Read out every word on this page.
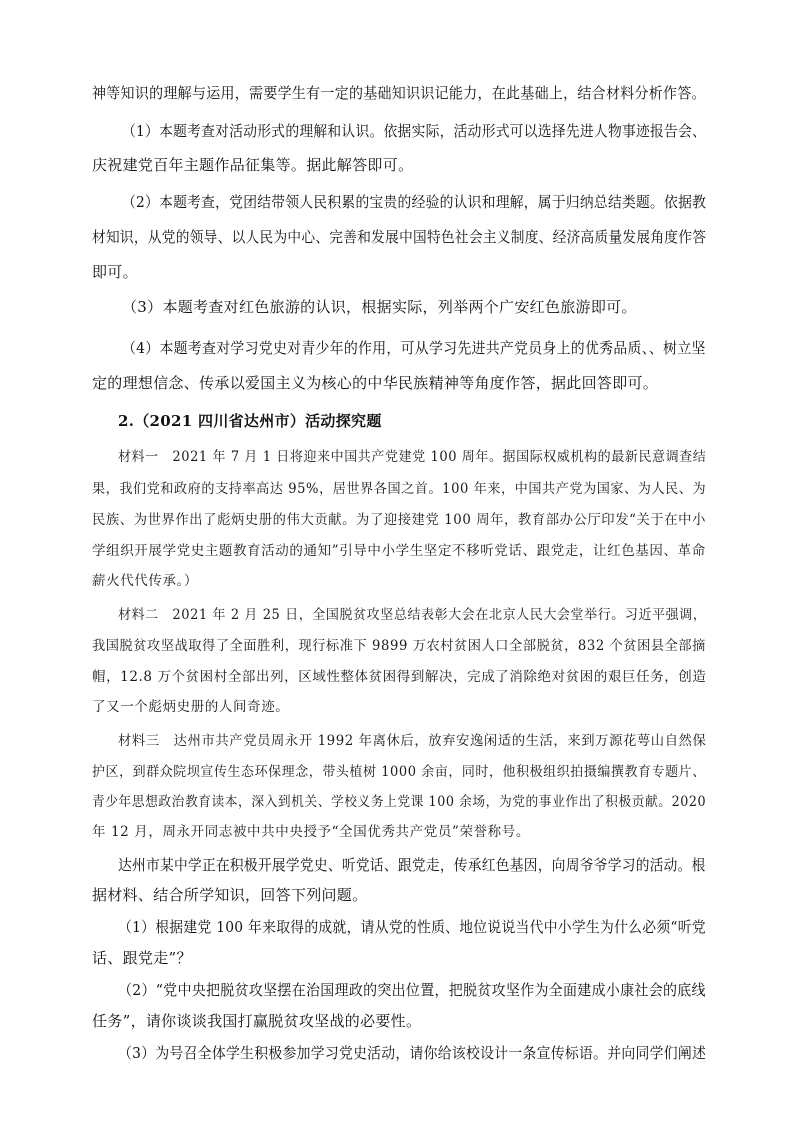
神等知识的理解与运用，需要学生有一定的基础知识识记能力，在此基础上，结合材料分析作答。
（1）本题考查对活动形式的理解和认识。依据实际，活动形式可以选择先进人物事迹报告会、
庆祝建党百年主题作品征集等。据此解答即可。
（2）本题考查，党团结带领人民积累的宝贵的经验的认识和理解，属于归纳总结类题。依据教
材知识，从党的领导、以人民为中心、完善和发展中国特色社会主义制度、经济高质量发展角度作答
即可。
（3）本题考查对红色旅游的认识，根据实际，列举两个广安红色旅游即可。
（4）本题考查对学习党史对青少年的作用，可从学习先进共产党员身上的优秀品质、、树立坚
定的理想信念、传承以爱国主义为核心的中华民族精神等角度作答，据此回答即可。
2.（2021 四川省达州市）活动探究题
材料一　2021 年 7 月 1 日将迎来中国共产党建党 100 周年。据国际权威机构的最新民意调查结
果，我们党和政府的支持率高达 95%，居世界各国之首。100 年来，中国共产党为国家、为人民、为
民族、为世界作出了彪炳史册的伟大贡献。为了迎接建党 100 周年，教育部办公厅印发“关于在中小
学组织开展学党史主题教育活动的通知”引导中小学生坚定不移听党话、跟党走，让红色基因、革命
薪火代代传承。）
材料二　2021 年 2 月 25 日，全国脱贫攻坚总结表彰大会在北京人民大会堂举行。习近平强调，
我国脱贫攻坚战取得了全面胜利，现行标准下 9899 万农村贫困人口全部脱贫，832 个贫困县全部摘
帽，12.8 万个贫困村全部出列，区域性整体贫困得到解决，完成了消除绝对贫困的艰巨任务，创造
了又一个彪炳史册的人间奇迹。
材料三　达州市共产党员周永开 1992 年离休后，放弃安逸闲适的生活，来到万源花萼山自然保
护区，到群众院坝宣传生态环保理念，带头植树 1000 余亩，同时，他积极组织拍摄编撰教育专题片、
青少年思想政治教育读本，深入到机关、学校义务上党课 100 余场，为党的事业作出了积极贡献。2020
年 12 月，周永开同志被中共中央授予“全国优秀共产党员”荣誉称号。
达州市某中学正在积极开展学党史、听党话、跟党走，传承红色基因，向周爷爷学习的活动。根
据材料、结合所学知识，回答下列问题。
（1）根据建党 100 年来取得的成就，请从党的性质、地位说说当代中小学生为什么必须“听党
话、跟党走”？
（2）“党中央把脱贫攻坚摆在治国理政的突出位置，把脱贫攻坚作为全面建成小康社会的底线
任务”，请你谈谈我国打赢脱贫攻坚战的必要性。
（3）为号召全体学生积极参加学习党史活动，请你给该校设计一条宣传标语。并向同学们阐述
